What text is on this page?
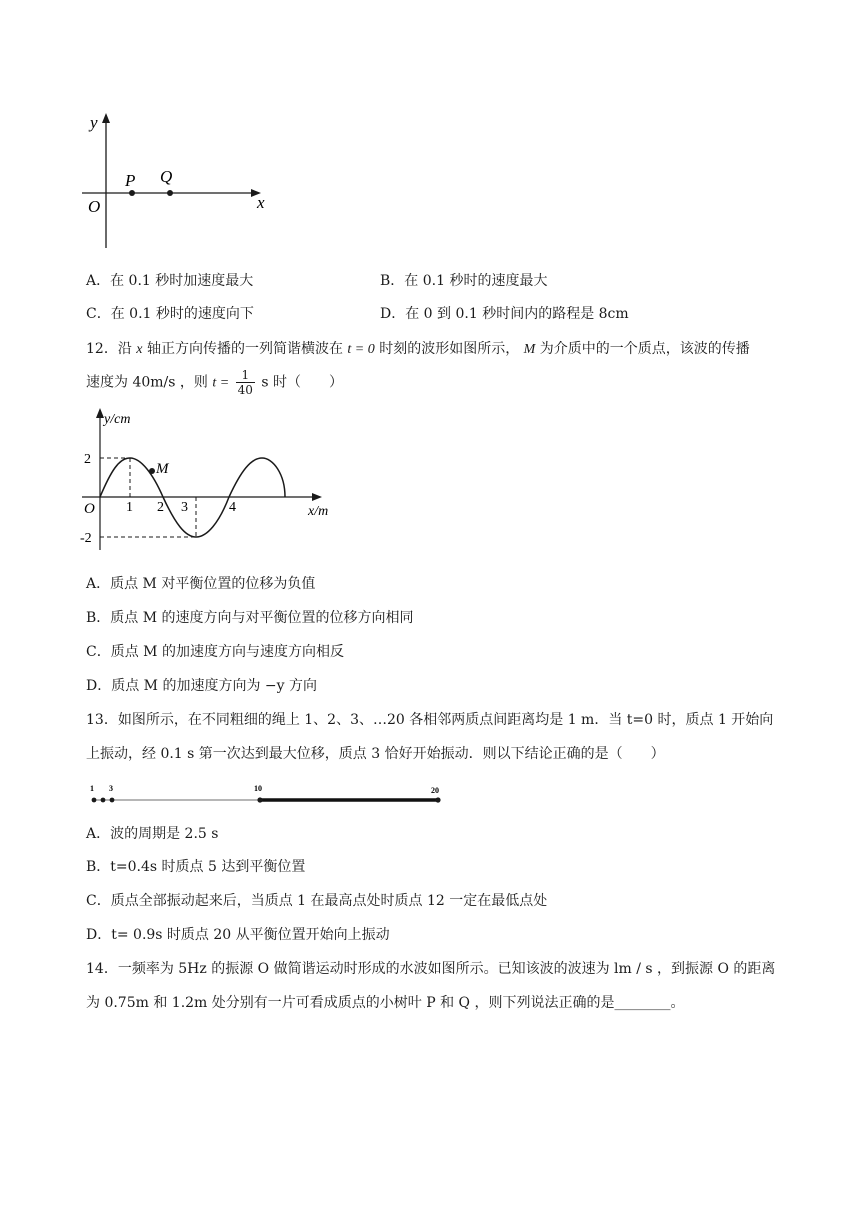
y
x
O
P Q
A．在 0.1 秒时加速度最大	B．在 0.1 秒时的速度最大
C．在 0.1 秒时的速度向下	D．在 0 到 0.1 秒时间内的路程是 8cm
12．沿 x 轴正方向传播的一列简谐横波在 t = 0 时刻的波形如图所示， M 为介质中的一个质点，该波的传播
速度为 40m/s ，则 $t = \frac{1}{40}$ s 时（　　）
M
y/cm
x/m
O
2
-2
1 2 3	4
A．质点 M 对平衡位置的位移为负值
B．质点 M 的速度方向与对平衡位置的位移方向相同
C．质点 M 的加速度方向与速度方向相反
D．质点 M 的加速度方向为 −y 方向
13．如图所示，在不同粗细的绳上 1、2、3、…20 各相邻两质点间距离均是 1 m．当 t=0 时，质点 1 开始向
上振动，经 0.1 s 第一次达到最大位移，质点 3 恰好开始振动．则以下结论正确的是（　　）
1 3	10	20
A．波的周期是 2.5 s
B．t=0.4s 时质点 5 达到平衡位置
C．质点全部振动起来后，当质点 1 在最高点处时质点 12 一定在最低点处
D．t= 0.9s 时质点 20 从平衡位置开始向上振动
14．一频率为 5Hz 的振源 O 做简谐运动时形成的水波如图所示。已知该波的波速为 lm / s ，到振源 O 的距离
为 0.75m 和 1.2m 处分别有一片可看成质点的小树叶 P 和 Q ，则下列说法正确的是________。
